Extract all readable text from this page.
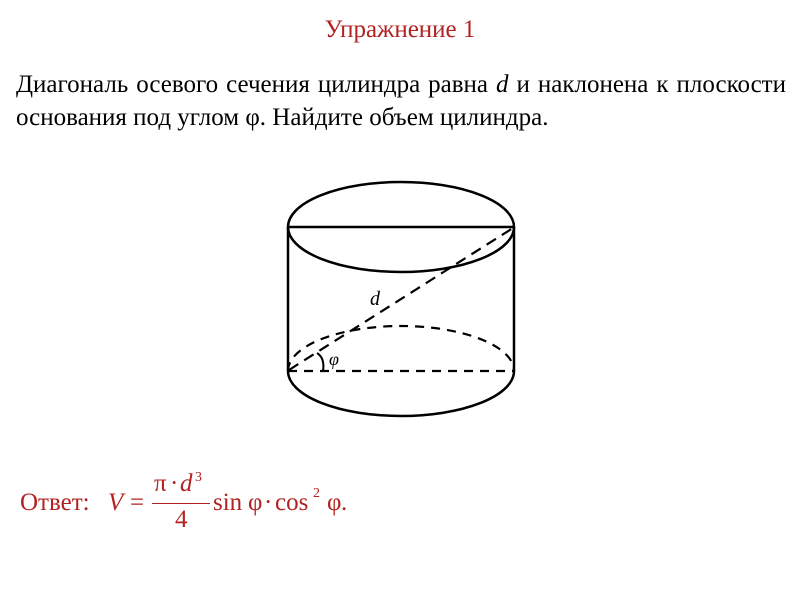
Упражнение 1
Диагональ осевого сечения цилиндра равна d и наклонена к плоскости основания под углом φ. Найдите объем цилиндра.
d
φ
Ответ: V =
π · d 3
4
sin φ · cos 2 φ .
